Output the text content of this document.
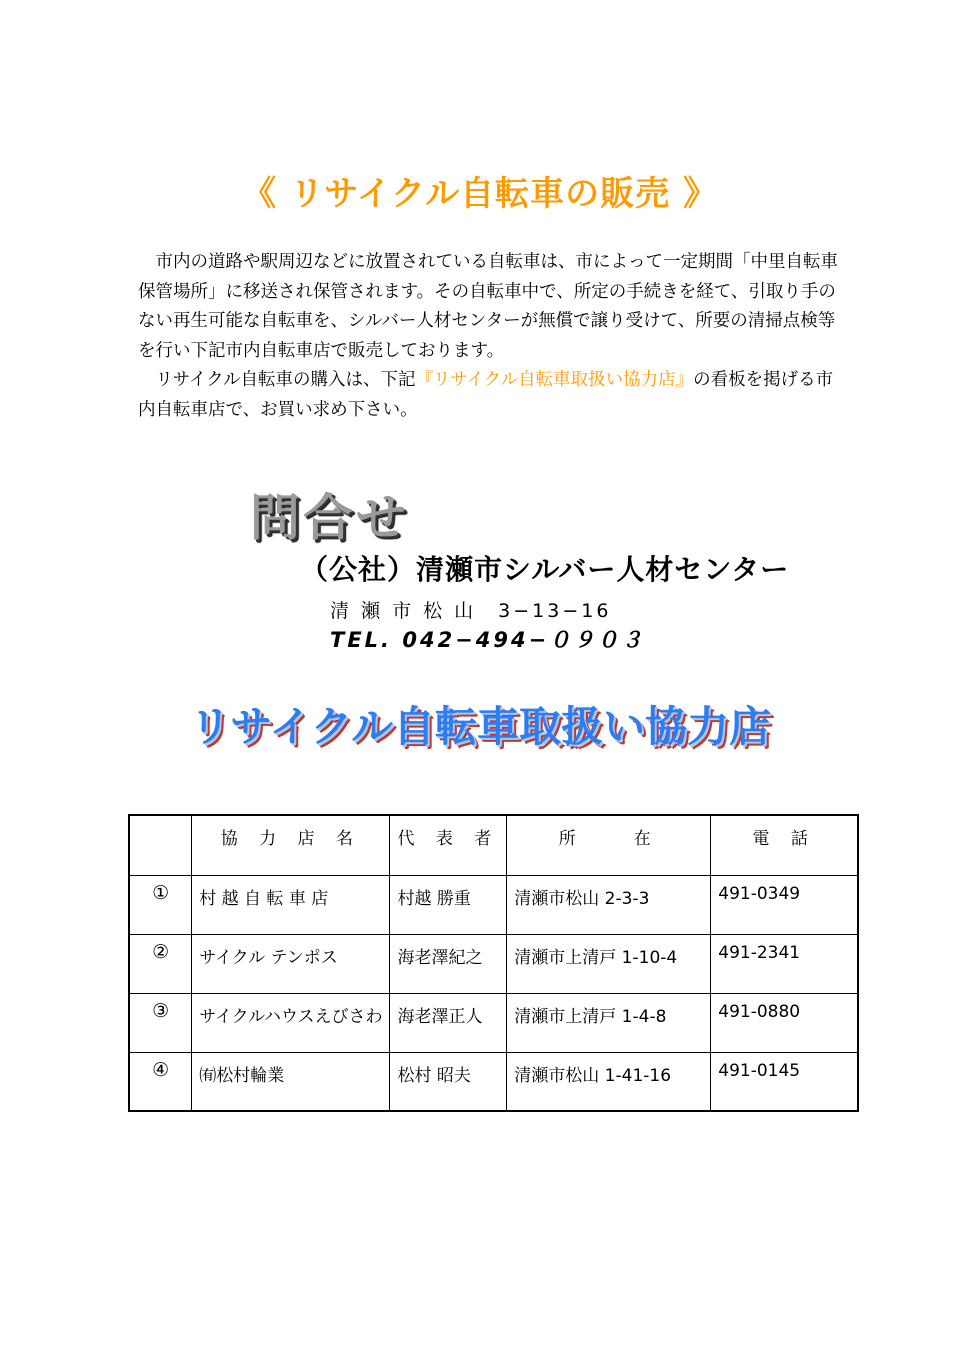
《 リサイクル自転車の販売 》

市内の道路や駅周辺などに放置されている自転車は、市によって一定期間「中里自転車保管場所」に移送され保管されます。その自転車中で、所定の手続きを経て、引取り手のない再生可能な自転車を、シルバー人材センターが無償で譲り受けて、所要の清掃点検等を行い下記市内自転車店で販売しております。

リサイクル自転車の購入は、下記『リサイクル自転車取扱い協力店』の看板を掲げる市内自転車店で、お買い求め下さい。

問合せ
（公社）清瀬市シルバー人材センター
清 瀬 市 松 山　3−13−16
TEL. 042−494−０９０３
リサイクル自転車取扱い協力店
	協 力 店 名	代 表 者	所　　在	電 話
①	村 越 自 転 車 店	村越 勝重	清瀬市松山 2-3-3	491-0349
②	サイクル テンポス	海老澤紀之	清瀬市上清戸 1-10-4	491-2341
③	サイクルハウスえびさわ	海老澤正人	清瀬市上清戸 1-4-8	491-0880
④	㈲松村輪業	松村 昭夫	清瀬市松山 1-41-16	491-0145
